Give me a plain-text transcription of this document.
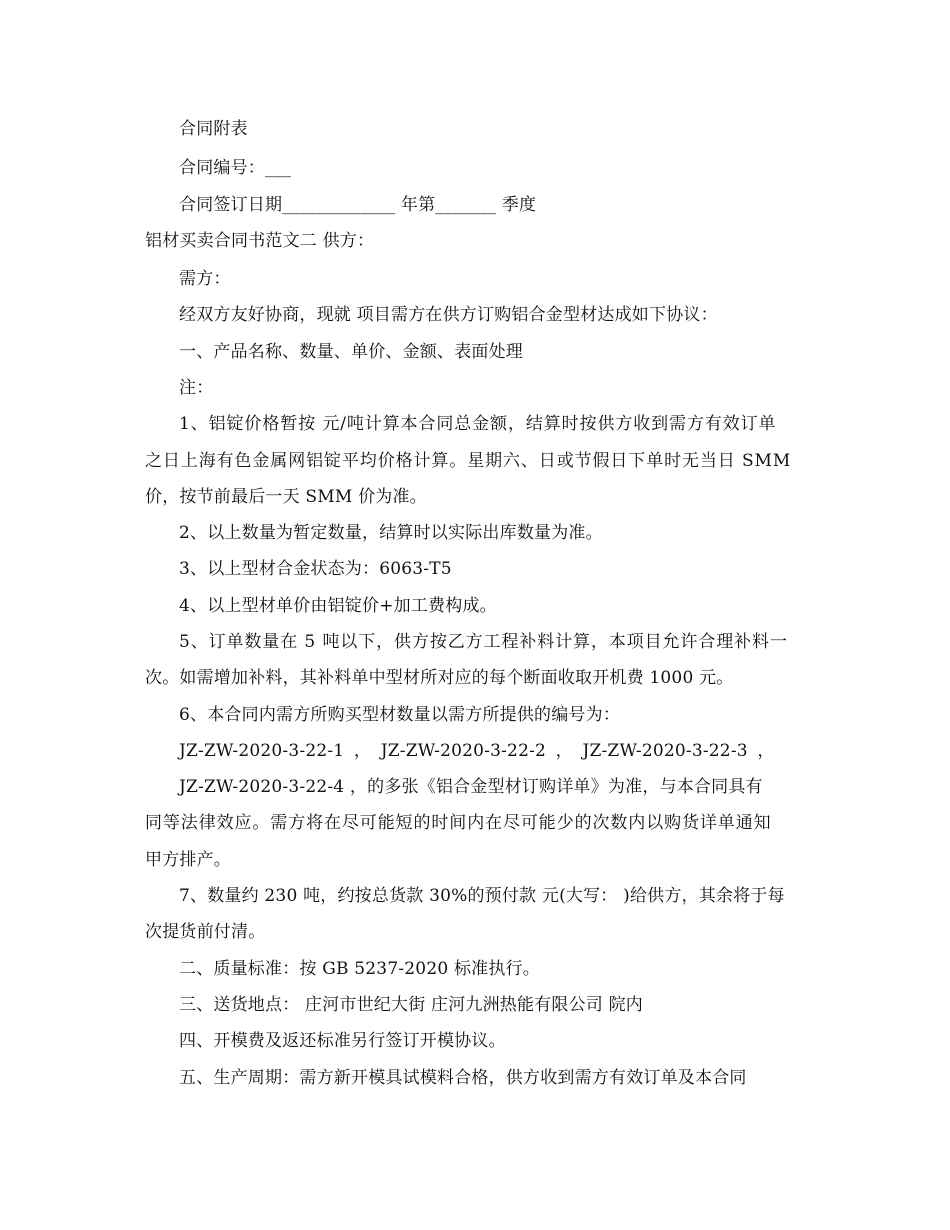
合同附表
合同编号：___
合同签订日期_____________ 年第_______ 季度
铝材买卖合同书范文二 供方：
需方：
经双方友好协商，现就 项目需方在供方订购铝合金型材达成如下协议：
一、产品名称、数量、单价、金额、表面处理
注：
1、铝锭价格暂按 元/吨计算本合同总金额，结算时按供方收到需方有效订单
之日上海有色金属网铝锭平均价格计算。星期六、日或节假日下单时无当日 SMM
价，按节前最后一天 SMM 价为准。
2、以上数量为暂定数量，结算时以实际出库数量为准。
3、以上型材合金状态为：6063-T5
4、以上型材单价由铝锭价+加工费构成。
5、订单数量在 5 吨以下，供方按乙方工程补料计算，本项目允许合理补料一
次。如需增加补料，其补料单中型材所对应的每个断面收取开机费 1000 元。
6、本合同内需方所购买型材数量以需方所提供的编号为：
JZ-ZW-2020-3-22-1 ， JZ-ZW-2020-3-22-2 ， JZ-ZW-2020-3-22-3 ，
JZ-ZW-2020-3-22-4 ，的多张《铝合金型材订购详单》为准，与本合同具有
同等法律效应。需方将在尽可能短的时间内在尽可能少的次数内以购货详单通知
甲方排产。
7、数量约 230 吨，约按总货款 30%的预付款 元(大写： )给供方，其余将于每
次提货前付清。
二、质量标准：按 GB 5237-2020 标准执行。
三、送货地点： 庄河市世纪大街 庄河九洲热能有限公司 院内
四、开模费及返还标准另行签订开模协议。
五、生产周期：需方新开模具试模料合格，供方收到需方有效订单及本合同
